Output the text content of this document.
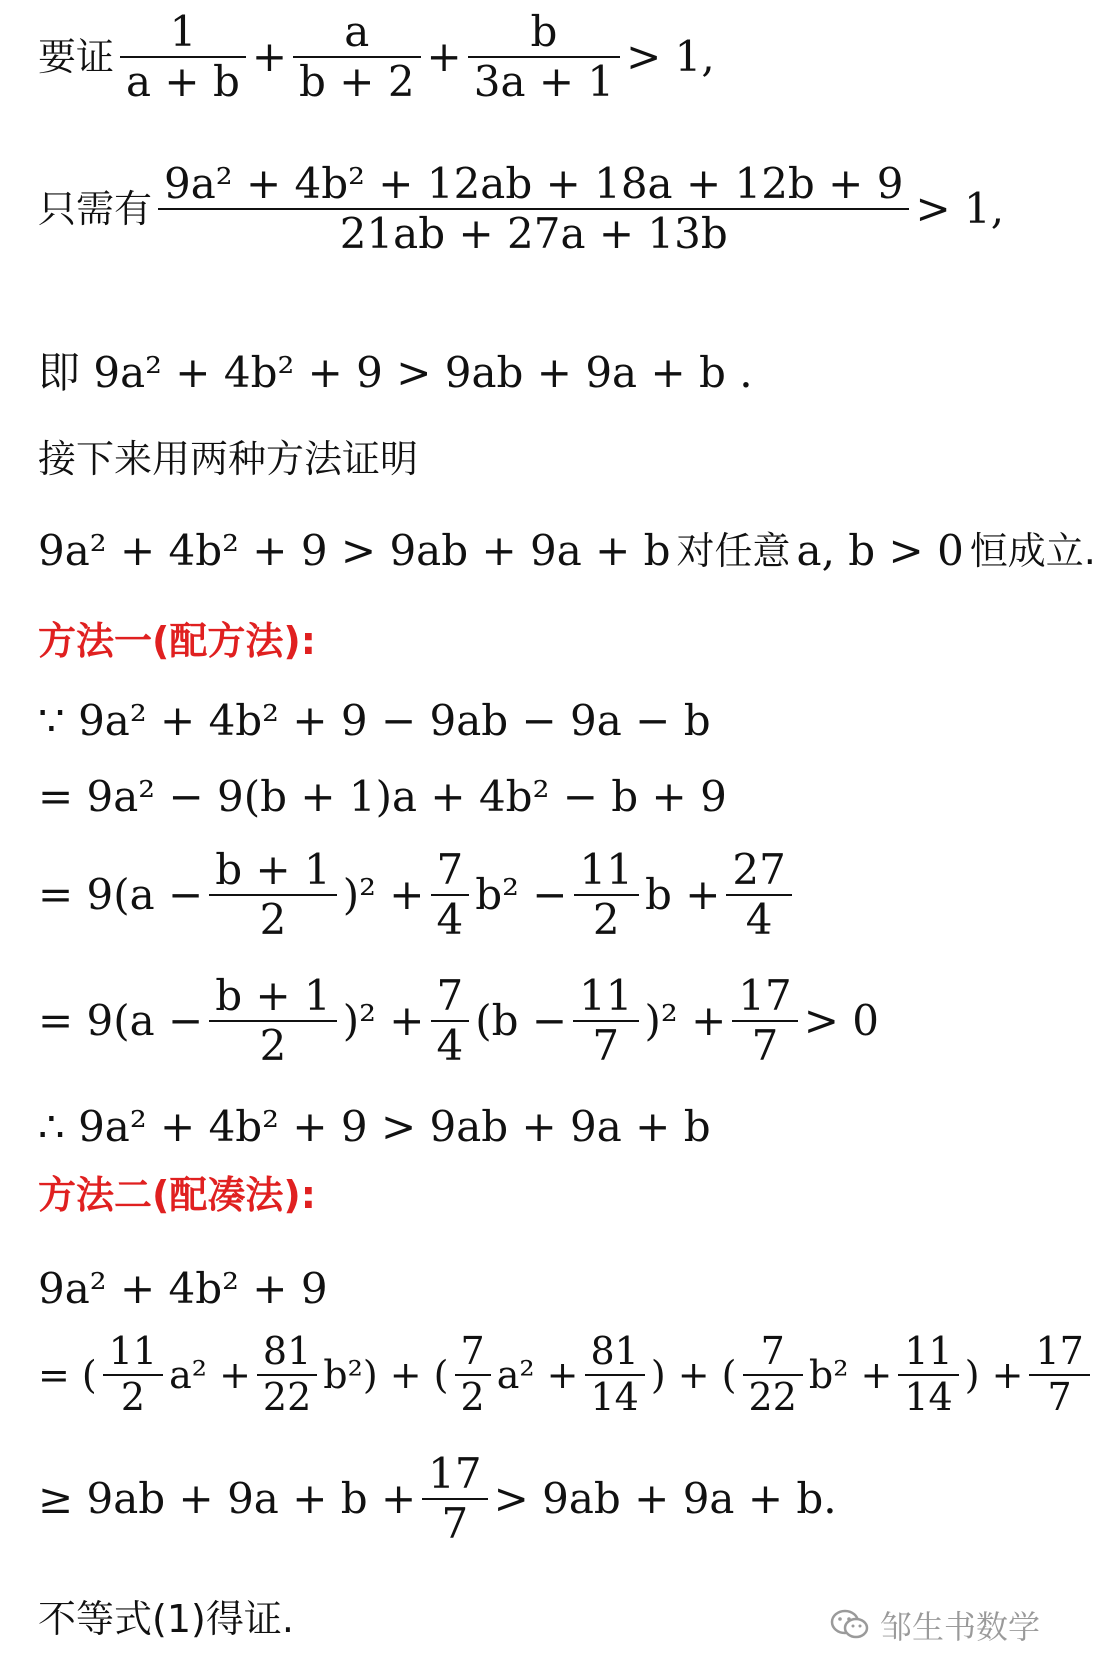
要证 $\frac{1}{a + b} + \frac{a}{b + 2} + \frac{b}{3a + 1} > 1$,
只需有 $\frac{\text{9a² + 4b² + 12ab + 18a + 12b + 9}}{21ab + 27a + 13b} > 1$,
即 9a² + 4b² + 9 > 9ab + 9a + b .
接下来用两种方法证明
9a² + 4b² + 9 > 9ab + 9a + b 对任意 a, b > 0 恒成立.
方法一(配方法):
∵ 9a² + 4b² + 9 − 9ab − 9a − b
= 9a² − 9(b + 1)a + 4b² − b + 9
= $9(a - \frac{b + 1}{2} )^2 + \frac{7}{4} b^2 - \frac{11}{2}$ $b + \frac{27}{4}$
= $9(a - \frac{b + 1}{2} )^2 + \frac{7}{4} (b - \frac{11}{7} )^2 + \frac{17}{7} > 0$
∴ 9a² + 4b² + 9 > 9ab + 9a + b
方法二(配凑法):
9a² + 4b² + 9
= ( $\frac{11}{2} a^2 + \frac{81}{22} b^2$) + ( $\frac{7}{2} a^2 + \frac{81}{14}$ ) + ( $\frac{7}{22} b^2 + \frac{11}{14}$ ) + $\frac{17}{7}$
≥ $9ab + 9a + b + \frac{17}{7} > 9ab + 9a + b$.
不等式(1)得证.	邹生书数学
